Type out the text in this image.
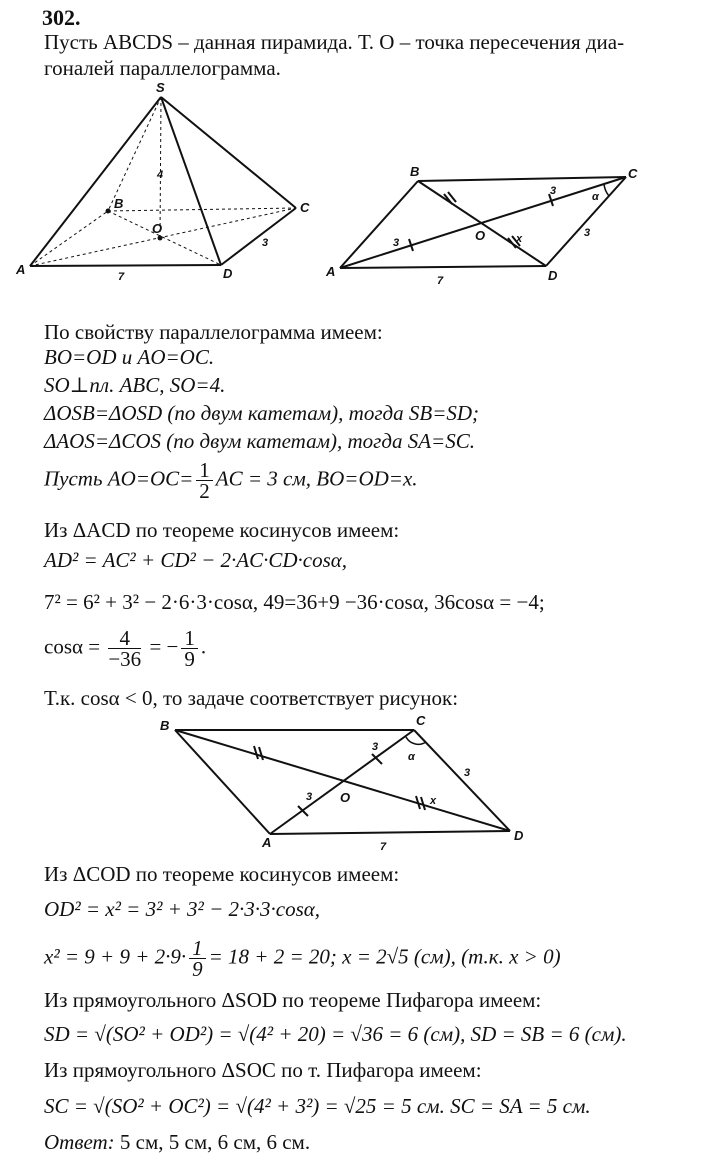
302.
Пусть ABCDS – данная пирамида. Т. O – точка пересечения диа-
гоналей параллелограмма.
S
A
B	C
D
O
4
7
3
A
B	C
D
O
3
3
7
3
x
α
По свойству параллелограмма имеем:
BO=OD и AO=OC.
SO⊥пл. ABC, SO=4.
ΔOSB=ΔOSD (по двум катетам), тогда SB=SD;
ΔAOS=ΔCOS (по двум катетам), тогда SA=SC.
Пусть $AO=OC= \frac{1}{2}$ AC = 3 см, BO=OD=x.
Из ΔACD по теореме косинусов имеем:
AD² = AC² + CD² − 2·AC·CD·cosα,
7² = 6² + 3² − 2·6·3·cosα, 49=36+9 −36·cosα, 36cosα = −4;
$\cos\alpha = \frac{4}{-36}$ = − $\frac{1}{9}$ .
Т.к. cosα < 0, то задаче соответствует рисунок:
B	C
A	D
O
3
3
7
3
x
α
Из ΔCOD по теореме косинусов имеем:
OD² = x² = 3² + 3² − 2·3·3·cosα,
$x^2 = 9 + 9 + 2\cdot 9\cdot \frac{1}{9} = 18 + 2 = 20$; x = 2√5 (см), (т.к. x > 0)
Из прямоугольного ΔSOD по теореме Пифагора имеем:
SD = √(SO² + OD²) = √(4² + 20) = √36 = 6 (см), SD = SB = 6 (см).
Из прямоугольного ΔSOC по т. Пифагора имеем:
SC = √(SO² + OC²) = √(4² + 3²) = √25 = 5 см. SC = SA = 5 см.
Ответ: 5 см, 5 см, 6 см, 6 см.
